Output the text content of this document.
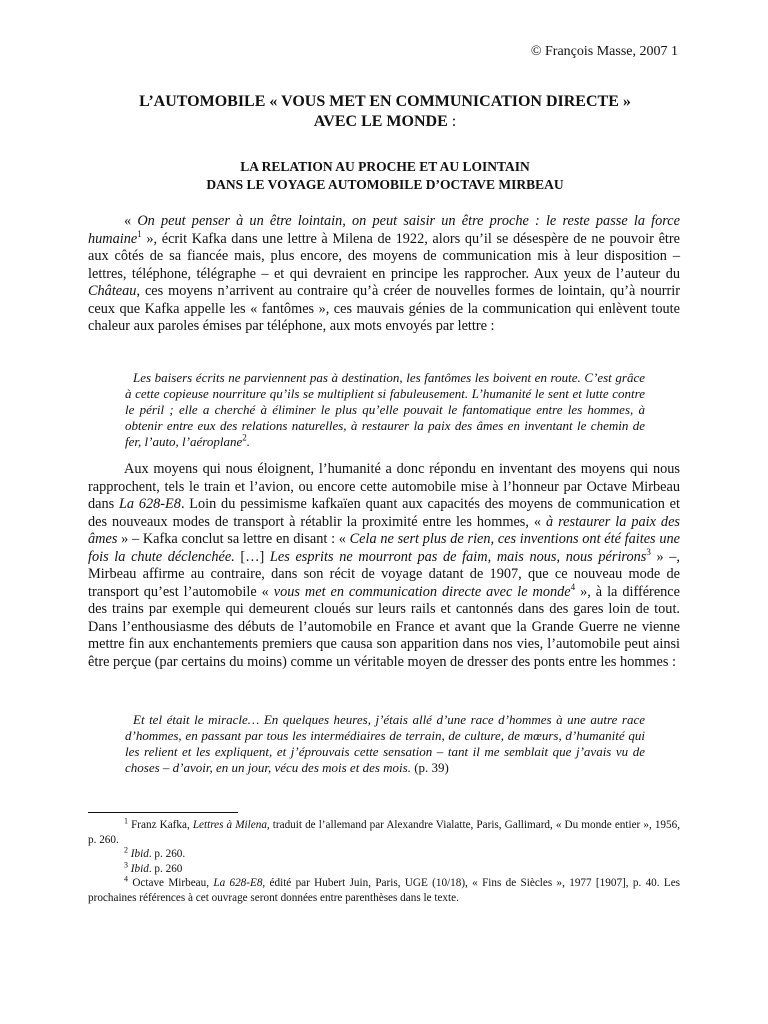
© François Masse, 2007 1
L’AUTOMOBILE « VOUS MET EN COMMUNICATION DIRECTE »
AVEC LE MONDE :
LA RELATION AU PROCHE ET AU LOINTAIN
DANS LE VOYAGE AUTOMOBILE D’OCTAVE MIRBEAU
« On peut penser à un être lointain, on peut saisir un être proche : le reste passe la force humaine$^1$ », écrit Kafka dans une lettre à Milena de 1922, alors qu’il se désespère de ne pouvoir être aux côtés de sa fiancée mais, plus encore, des moyens de communication mis à leur disposition – lettres, téléphone, télégraphe – et qui devraient en principe les rapprocher. Aux yeux de l’auteur du Château, ces moyens n’arrivent au contraire qu’à créer de nouvelles formes de lointain, qu’à nourrir ceux que Kafka appelle les « fantômes », ces mauvais génies de la communication qui enlèvent toute chaleur aux paroles émises par téléphone, aux mots envoyés par lettre :
Les baisers écrits ne parviennent pas à destination, les fantômes les boivent en route. C’est grâce à cette copieuse nourriture qu’ils se multiplient si fabuleusement. L’humanité le sent et lutte contre le péril ; elle a cherché à éliminer le plus qu’elle pouvait le fantomatique entre les hommes, à obtenir entre eux des relations naturelles, à restaurer la paix des âmes en inventant le chemin de fer, l’auto, l’aéroplane$^2$.
Aux moyens qui nous éloignent, l’humanité a donc répondu en inventant des moyens qui nous rapprochent, tels le train et l’avion, ou encore cette automobile mise à l’honneur par Octave Mirbeau dans La 628-E8. Loin du pessimisme kafkaïen quant aux capacités des moyens de communication et des nouveaux modes de transport à rétablir la proximité entre les hommes, « à restaurer la paix des âmes » – Kafka conclut sa lettre en disant : « Cela ne sert plus de rien, ces inventions ont été faites une fois la chute déclenchée. […] Les esprits ne mourront pas de faim, mais nous, nous périrons$^3$ » –, Mirbeau affirme au contraire, dans son récit de voyage datant de 1907, que ce nouveau mode de transport qu’est l’automobile « vous met en communication directe avec le monde$^4$ », à la différence des trains par exemple qui demeurent cloués sur leurs rails et cantonnés dans des gares loin de tout. Dans l’enthousiasme des débuts de l’automobile en France et avant que la Grande Guerre ne vienne mettre fin aux enchantements premiers que causa son apparition dans nos vies, l’automobile peut ainsi être perçue (par certains du moins) comme un véritable moyen de dresser des ponts entre les hommes :
Et tel était le miracle… En quelques heures, j’étais allé d’une race d’hommes à une autre race d’hommes, en passant par tous les intermédiaires de terrain, de culture, de mœurs, d’humanité qui les relient et les expliquent, et j’éprouvais cette sensation – tant il me semblait que j’avais vu de choses – d’avoir, en un jour, vécu des mois et des mois. (p. 39)
$^1$ Franz Kafka, Lettres à Milena, traduit de l’allemand par Alexandre Vialatte, Paris, Gallimard, « Du monde entier », 1956, p. 260.
$^2$ Ibid. p. 260.
$^3$ Ibid. p. 260
$^4$ Octave Mirbeau, La 628-E8, édité par Hubert Juin, Paris, UGE (10/18), « Fins de Siècles », 1977 [1907], p. 40. Les prochaines références à cet ouvrage seront données entre parenthèses dans le texte.
